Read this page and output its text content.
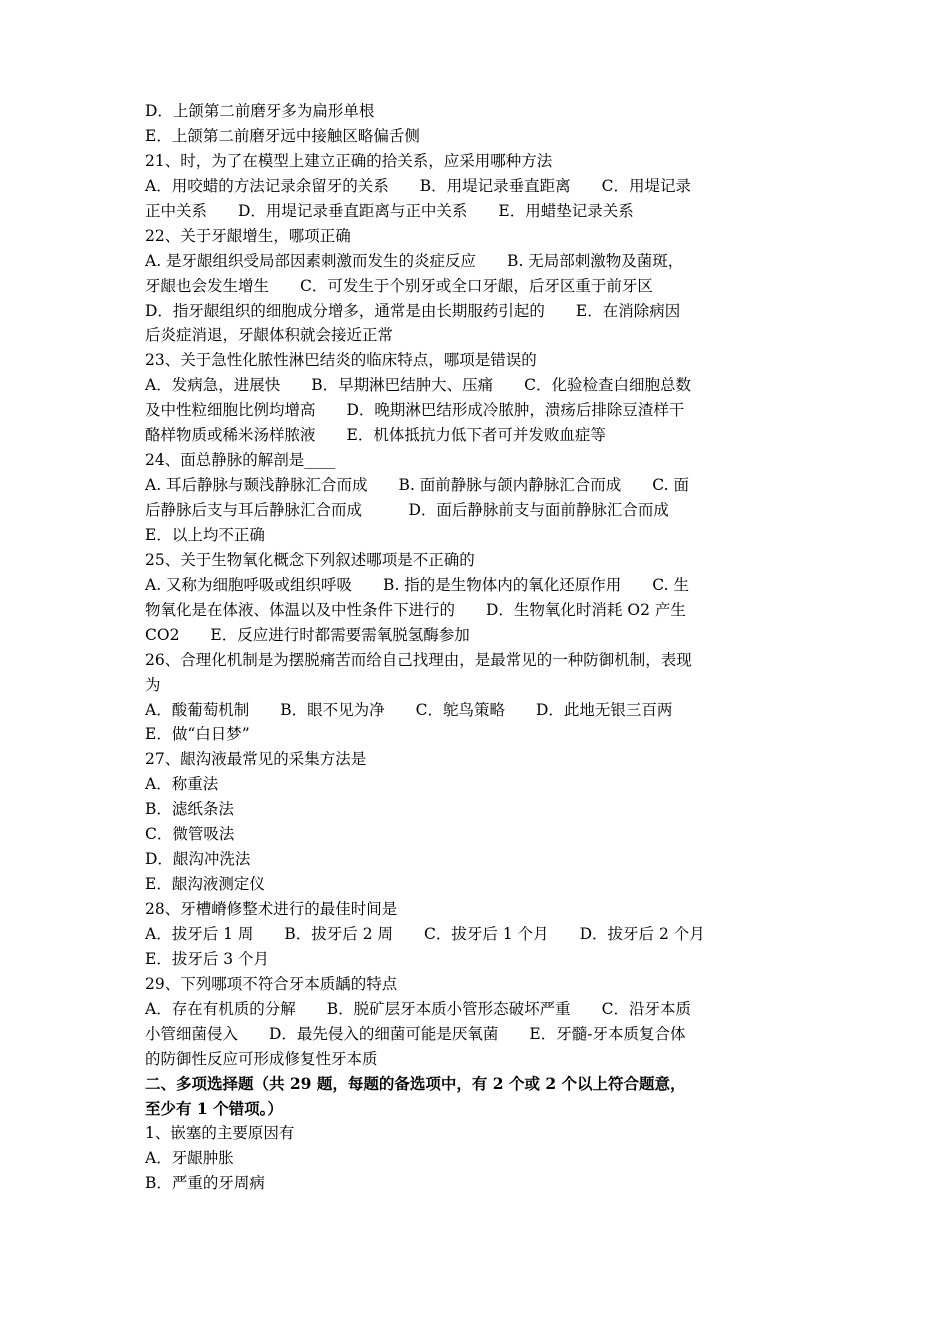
D．上颌第二前磨牙多为扁形单根
E．上颌第二前磨牙远中接触区略偏舌侧
21、时，为了在模型上建立正确的拾关系，应采用哪种方法
A．用咬蜡的方法记录余留牙的关系　　B．用堤记录垂直距离　　C．用堤记录
正中关系　　D．用堤记录垂直距离与正中关系　　E．用蜡垫记录关系
22、关于牙龈增生，哪项正确
A. 是牙龈组织受局部因素刺激而发生的炎症反应　　B. 无局部刺激物及菌斑，
牙龈也会发生增生　　C．可发生于个别牙或全口牙龈，后牙区重于前牙区
D．指牙龈组织的细胞成分增多，通常是由长期服药引起的　　E．在消除病因
后炎症消退，牙龈体积就会接近正常
23、关于急性化脓性淋巴结炎的临床特点，哪项是错误的
A．发病急，进展快　　B．早期淋巴结肿大、压痛　　C．化验检查白细胞总数
及中性粒细胞比例均增高　　D．晚期淋巴结形成冷脓肿，溃疡后排除豆渣样干
酪样物质或稀米汤样脓液　　E．机体抵抗力低下者可并发败血症等
24、面总静脉的解剖是____
A. 耳后静脉与颞浅静脉汇合而成　　B. 面前静脉与颌内静脉汇合而成　　C. 面
后静脉后支与耳后静脉汇合而成　　　D．面后静脉前支与面前静脉汇合而成
E．以上均不正确
25、关于生物氧化概念下列叙述哪项是不正确的
A. 又称为细胞呼吸或组织呼吸　　B. 指的是生物体内的氧化还原作用　　C. 生
物氧化是在体液、体温以及中性条件下进行的　　D．生物氧化时消耗 O2 产生
CO2　　E．反应进行时都需要需氧脱氢酶参加
26、合理化机制是为摆脱痛苦而给自己找理由，是最常见的一种防御机制，表现
为
A．酸葡萄机制　　B．眼不见为净　　C．鸵鸟策略　　D．此地无银三百两
E．做“白日梦”
27、龈沟液最常见的采集方法是
A．称重法
B．滤纸条法
C．微管吸法
D．龈沟冲洗法
E．龈沟液测定仪
28、牙槽嵴修整术进行的最佳时间是
A．拔牙后 1 周　　B．拔牙后 2 周　　C．拔牙后 1 个月　　D．拔牙后 2 个月
E．拔牙后 3 个月
29、下列哪项不符合牙本质龋的特点
A．存在有机质的分解　　B．脱矿层牙本质小管形态破坏严重　　C．沿牙本质
小管细菌侵入　　D．最先侵入的细菌可能是厌氧菌　　E．牙髓-牙本质复合体
的防御性反应可形成修复性牙本质
二、多项选择题（共 29 题，每题的备选项中，有 2 个或 2 个以上符合题意，
至少有 1 个错项。）
1、嵌塞的主要原因有
A．牙龈肿胀
B．严重的牙周病
